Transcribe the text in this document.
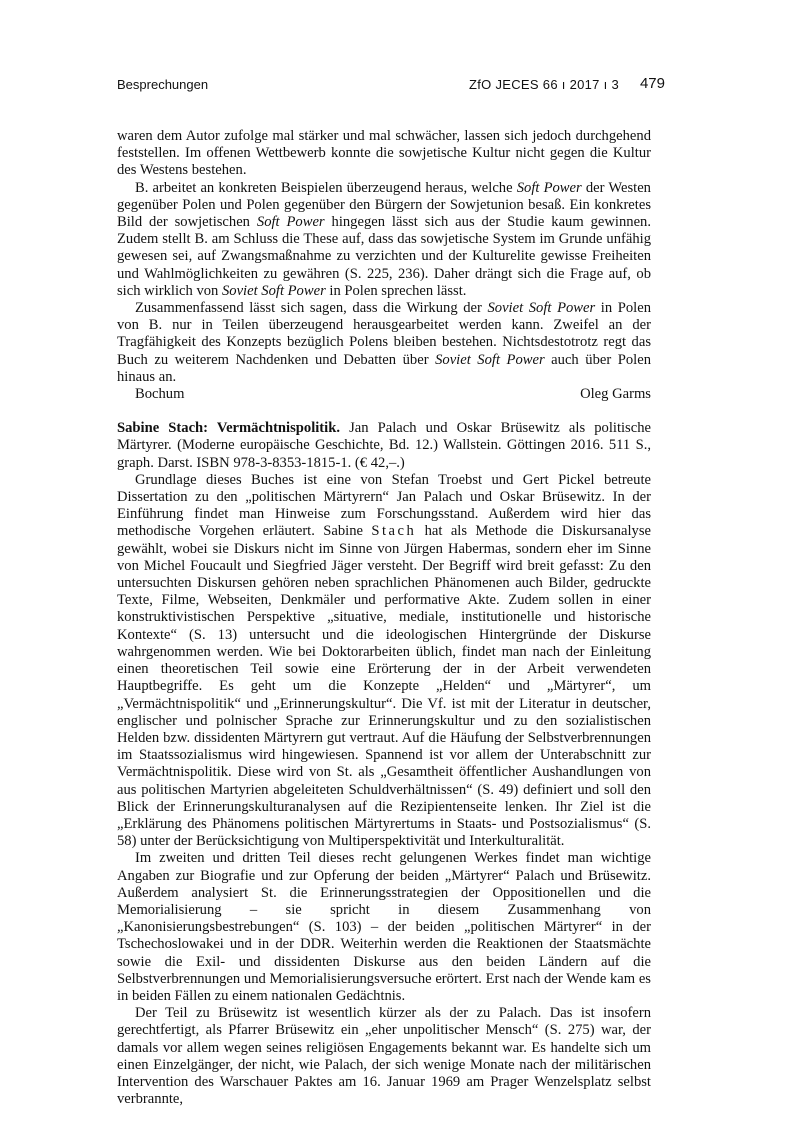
Besprechungen	ZfO JECES 66 ı 2017 ı 3 479

waren dem Autor zufolge mal stärker und mal schwächer, lassen sich jedoch durchgehend feststellen. Im offenen Wettbewerb konnte die sowjetische Kultur nicht gegen die Kultur des Westens bestehen.

B. arbeitet an konkreten Beispielen überzeugend heraus, welche Soft Power der Westen gegenüber Polen und Polen gegenüber den Bürgern der Sowjetunion besaß. Ein konkretes Bild der sowjetischen Soft Power hingegen lässt sich aus der Studie kaum gewinnen. Zudem stellt B. am Schluss die These auf, dass das sowjetische System im Grunde unfähig gewesen sei, auf Zwangsmaßnahme zu verzichten und der Kulturelite gewisse Freiheiten und Wahlmöglichkeiten zu gewähren (S. 225, 236). Daher drängt sich die Frage auf, ob sich wirklich von Soviet Soft Power in Polen sprechen lässt.

Zusammenfassend lässt sich sagen, dass die Wirkung der Soviet Soft Power in Polen von B. nur in Teilen überzeugend herausgearbeitet werden kann. Zweifel an der Tragfähigkeit des Konzepts bezüglich Polens bleiben bestehen. Nichtsdestotrotz regt das Buch zu weiterem Nachdenken und Debatten über Soviet Soft Power auch über Polen hinaus an.

Bochum	Oleg Garms

Sabine Stach: Vermächtnispolitik. Jan Palach und Oskar Brüsewitz als politische Märtyrer. (Moderne europäische Geschichte, Bd. 12.) Wallstein. Göttingen 2016. 511 S., graph. Darst. ISBN 978-3-8353-1815-1. (€ 42,–.)

Grundlage dieses Buches ist eine von Stefan Troebst und Gert Pickel betreute Dissertation zu den „politischen Märtyrern“ Jan Palach und Oskar Brüsewitz. In der Einführung findet man Hinweise zum Forschungsstand. Außerdem wird hier das methodische Vorgehen erläutert. Sabine Stach hat als Methode die Diskursanalyse gewählt, wobei sie Diskurs nicht im Sinne von Jürgen Habermas, sondern eher im Sinne von Michel Foucault und Siegfried Jäger versteht. Der Begriff wird breit gefasst: Zu den untersuchten Diskursen gehören neben sprachlichen Phänomenen auch Bilder, gedruckte Texte, Filme, Webseiten, Denkmäler und performative Akte. Zudem sollen in einer konstruktivistischen Perspektive „situative, mediale, institutionelle und historische Kontexte“ (S. 13) untersucht und die ideologischen Hintergründe der Diskurse wahrgenommen werden. Wie bei Doktorarbeiten üblich, findet man nach der Einleitung einen theoretischen Teil sowie eine Erörterung der in der Arbeit verwendeten Hauptbegriffe. Es geht um die Konzepte „Helden“ und „Märtyrer“, um „Vermächtnispolitik“ und „Erinnerungskultur“. Die Vf. ist mit der Literatur in deutscher, englischer und polnischer Sprache zur Erinnerungskultur und zu den sozialistischen Helden bzw. dissidenten Märtyrern gut vertraut. Auf die Häufung der Selbstverbrennungen im Staatssozialismus wird hingewiesen. Spannend ist vor allem der Unterabschnitt zur Vermächtnispolitik. Diese wird von St. als „Gesamtheit öffentlicher Aushandlungen von aus politischen Martyrien abgeleiteten Schuldverhältnissen“ (S. 49) definiert und soll den Blick der Erinnerungskulturanalysen auf die Rezipientenseite lenken. Ihr Ziel ist die „Erklärung des Phänomens politischen Märtyrertums in Staats- und Postsozialismus“ (S. 58) unter der Berücksichtigung von Multiperspektivität und Interkulturalität.

Im zweiten und dritten Teil dieses recht gelungenen Werkes findet man wichtige Angaben zur Biografie und zur Opferung der beiden „Märtyrer“ Palach und Brüsewitz. Außerdem analysiert St. die Erinnerungsstrategien der Oppositionellen und die Memorialisierung – sie spricht in diesem Zusammenhang von „Kanonisierungsbestrebungen“ (S. 103) – der beiden „politischen Märtyrer“ in der Tschechoslowakei und in der DDR. Weiterhin werden die Reaktionen der Staatsmächte sowie die Exil- und dissidenten Diskurse aus den beiden Ländern auf die Selbstverbrennungen und Memorialisierungsversuche erörtert. Erst nach der Wende kam es in beiden Fällen zu einem nationalen Gedächtnis.

Der Teil zu Brüsewitz ist wesentlich kürzer als der zu Palach. Das ist insofern gerechtfertigt, als Pfarrer Brüsewitz ein „eher unpolitischer Mensch“ (S. 275) war, der damals vor allem wegen seines religiösen Engagements bekannt war. Es handelte sich um einen Einzelgänger, der nicht, wie Palach, der sich wenige Monate nach der militärischen Intervention des Warschauer Paktes am 16. Januar 1969 am Prager Wenzelsplatz selbst verbrannte,
